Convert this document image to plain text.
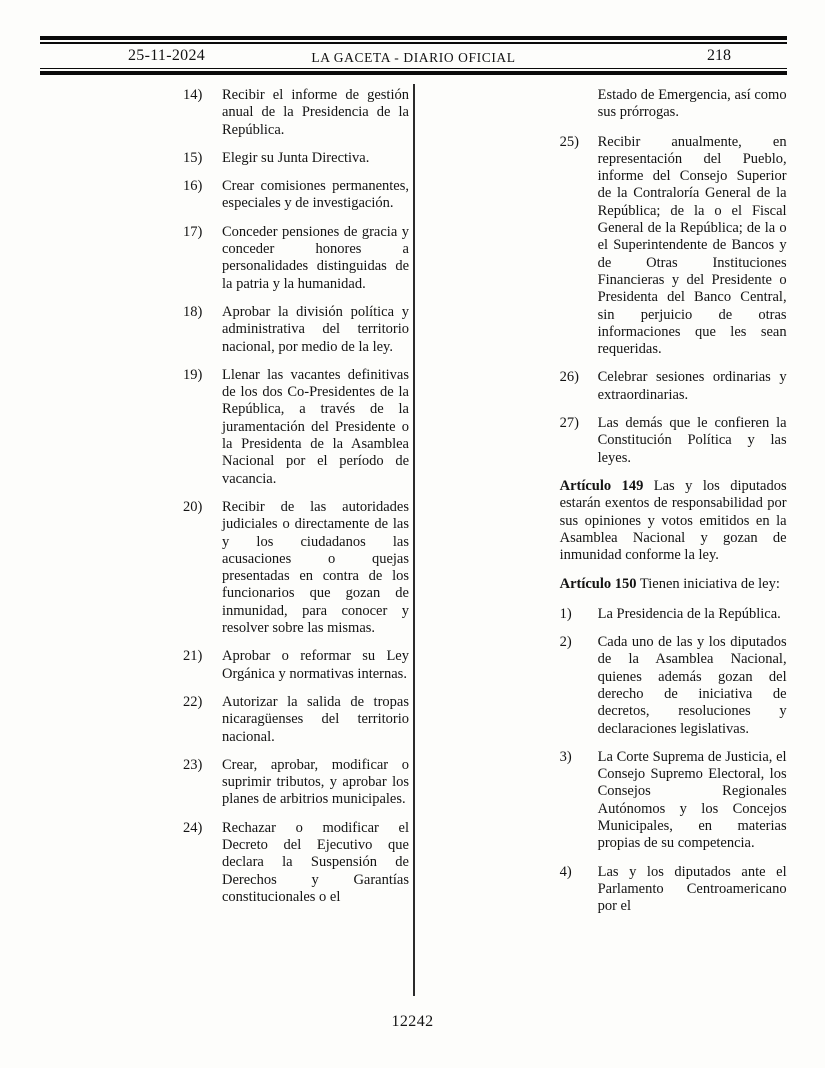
25-11-2024	LA GACETA - DIARIO OFICIAL	218
14)	Recibir el informe de gestión anual de la Presidencia de la República.
15)	Elegir su Junta Directiva.
16)	Crear comisiones permanentes, especiales y de investigación.
17)	Conceder pensiones de gracia y conceder honores a personalidades distinguidas de la patria y la humanidad.
18)	Aprobar la división política y administrativa del territorio nacional, por medio de la ley.
19)	Llenar las vacantes definitivas de los dos Co-Presidentes de la República, a través de la juramentación del Presidente o la Presidenta de la Asamblea Nacional por el período de vacancia.
20)	Recibir de las autoridades judiciales o directamente de las y los ciudadanos las acusaciones o quejas presentadas en contra de los funcionarios que gozan de inmunidad, para conocer y resolver sobre las mismas.
21)	Aprobar o reformar su Ley Orgánica y normativas internas.
22)	Autorizar la salida de tropas nicaragüenses del territorio nacional.
23)	Crear, aprobar, modificar o suprimir tributos, y aprobar los planes de arbitrios municipales.
24)	Rechazar o modificar el Decreto del Ejecutivo que declara la Suspensión de Derechos y Garantías constitucionales o el
Estado de Emergencia, así como sus prórrogas.
25)	Recibir anualmente, en representación del Pueblo, informe del Consejo Superior de la Contraloría General de la República; de la o el Fiscal General de la República; de la o el Superintendente de Bancos y de Otras Instituciones Financieras y del Presidente o Presidenta del Banco Central, sin perjuicio de otras informaciones que les sean requeridas.
26)	Celebrar sesiones ordinarias y extraordinarias.
27)	Las demás que le confieren la Constitución Política y las leyes.
Artículo 149 Las y los diputados estarán exentos de responsabilidad por sus opiniones y votos emitidos en la Asamblea Nacional y gozan de inmunidad conforme la ley.
Artículo 150 Tienen iniciativa de ley:
1)	La Presidencia de la República.
2)	Cada uno de las y los diputados de la Asamblea Nacional, quienes además gozan del derecho de iniciativa de decretos, resoluciones y declaraciones legislativas.
3)	La Corte Suprema de Justicia, el Consejo Supremo Electoral, los Consejos Regionales Autónomos y los Concejos Municipales, en materias propias de su competencia.
4)	Las y los diputados ante el Parlamento Centroamericano por el
12242
